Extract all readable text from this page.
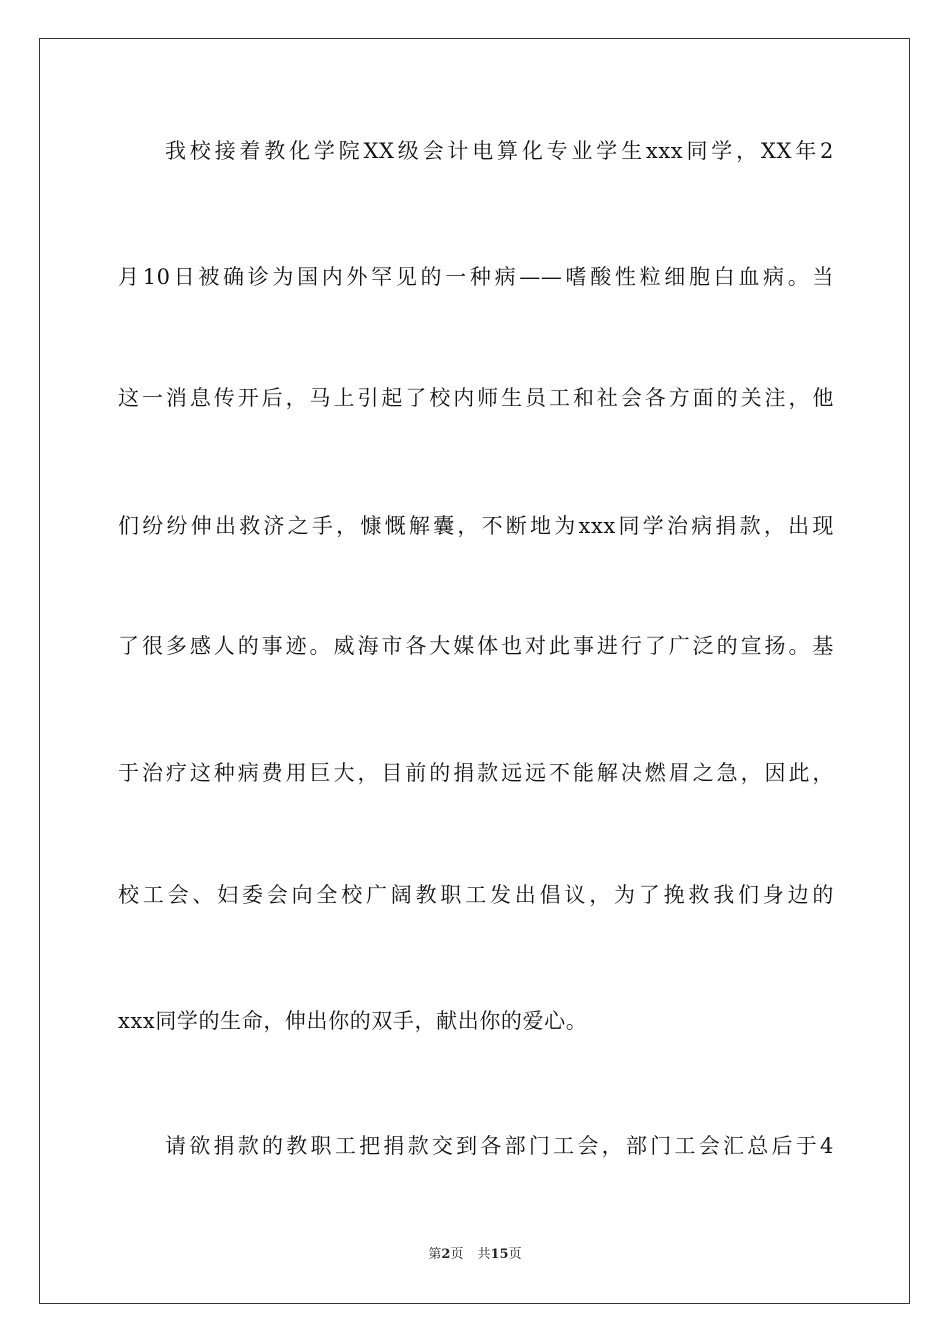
我校接着教化学院XX级会计电算化专业学生xxx同学，XX年2
月10日被确诊为国内外罕见的一种病——嗜酸性粒细胞白血病。当
这一消息传开后，马上引起了校内师生员工和社会各方面的关注，他
们纷纷伸出救济之手，慷慨解囊，不断地为xxx同学治病捐款，出现
了很多感人的事迹。威海市各大媒体也对此事进行了广泛的宣扬。基
于治疗这种病费用巨大，目前的捐款远远不能解决燃眉之急，因此，
校工会、妇委会向全校广阔教职工发出倡议，为了挽救我们身边的
xxx同学的生命，伸出你的双手，献出你的爱心。
请欲捐款的教职工把捐款交到各部门工会，部门工会汇总后于4
第2页 共15页
